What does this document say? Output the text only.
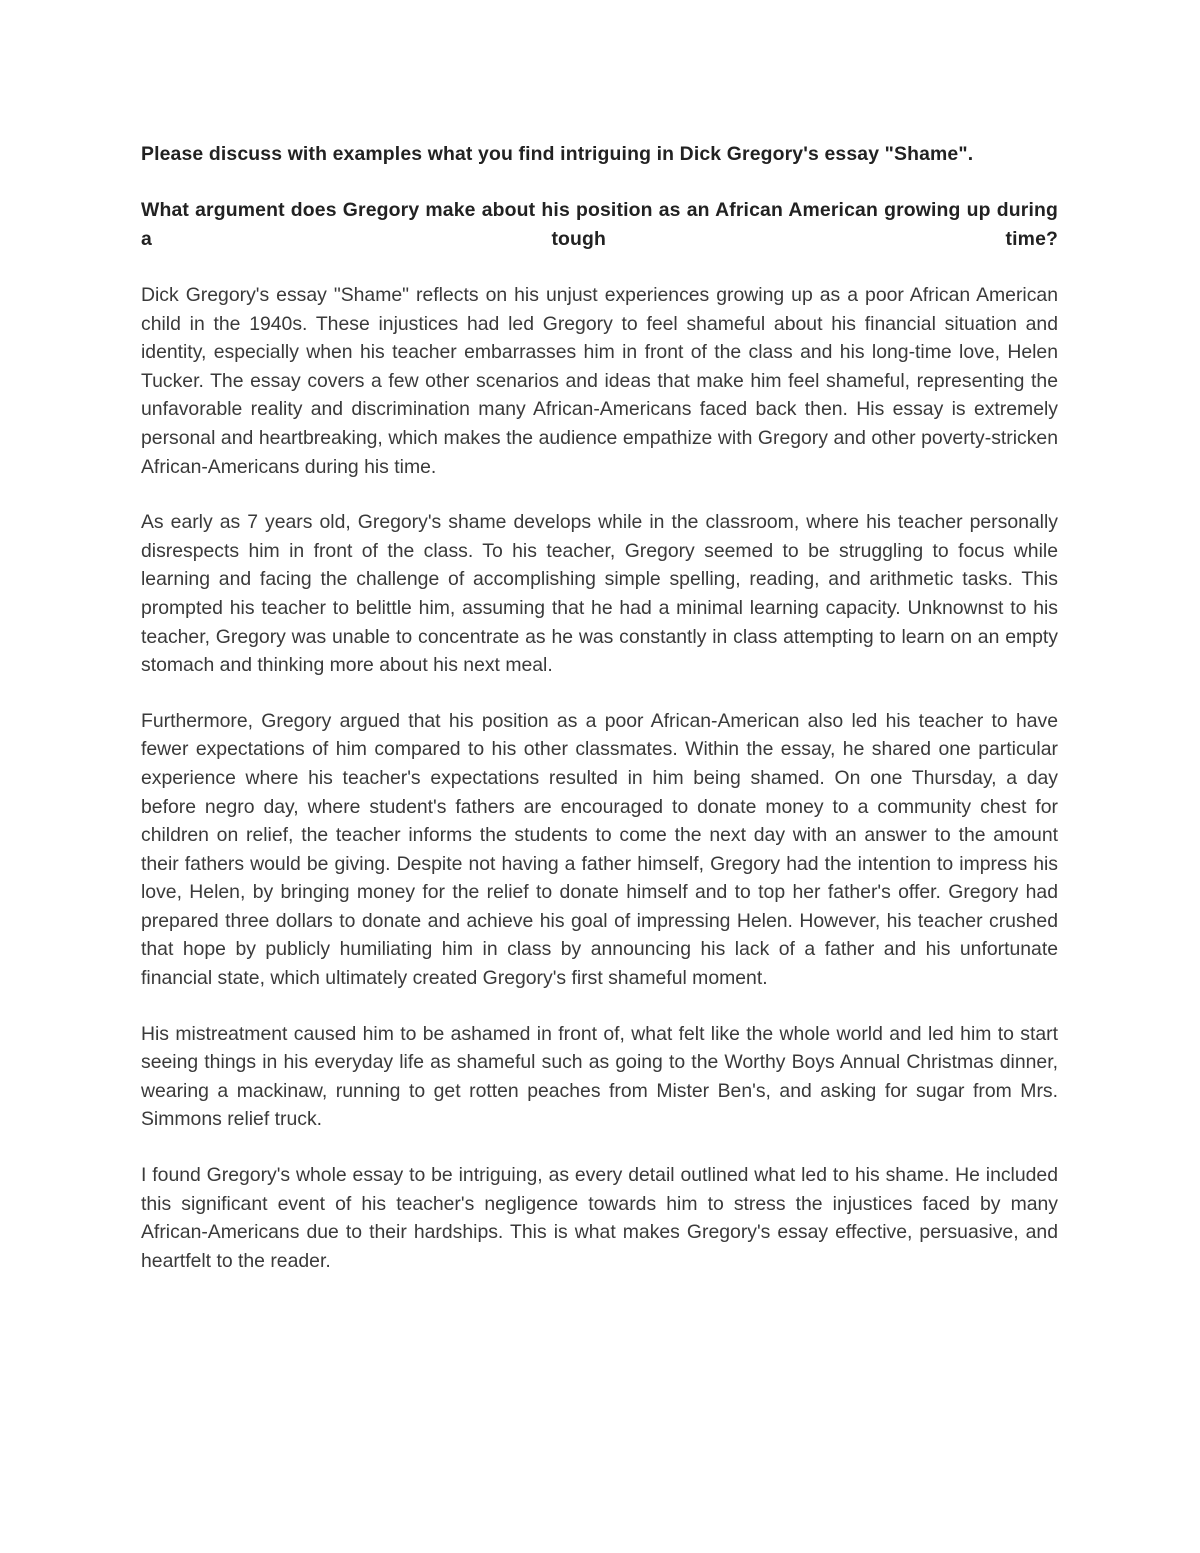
Please discuss with examples what you find intriguing in Dick Gregory's essay "Shame".

What argument does Gregory make about his position as an African American growing up during a tough time?

Dick Gregory's essay "Shame" reflects on his unjust experiences growing up as a poor African American child in the 1940s. These injustices had led Gregory to feel shameful about his financial situation and identity, especially when his teacher embarrasses him in front of the class and his long-time love, Helen Tucker. The essay covers a few other scenarios and ideas that make him feel shameful, representing the unfavorable reality and discrimination many African-Americans faced back then. His essay is extremely personal and heartbreaking, which makes the audience empathize with Gregory and other poverty-stricken African-Americans during his time.

As early as 7 years old, Gregory's shame develops while in the classroom, where his teacher personally disrespects him in front of the class. To his teacher, Gregory seemed to be struggling to focus while learning and facing the challenge of accomplishing simple spelling, reading, and arithmetic tasks. This prompted his teacher to belittle him, assuming that he had a minimal learning capacity. Unknownst to his teacher, Gregory was unable to concentrate as he was constantly in class attempting to learn on an empty stomach and thinking more about his next meal.

Furthermore, Gregory argued that his position as a poor African-American also led his teacher to have fewer expectations of him compared to his other classmates. Within the essay, he shared one particular experience where his teacher's expectations resulted in him being shamed. On one Thursday, a day before negro day, where student's fathers are encouraged to donate money to a community chest for children on relief, the teacher informs the students to come the next day with an answer to the amount their fathers would be giving. Despite not having a father himself, Gregory had the intention to impress his love, Helen, by bringing money for the relief to donate himself and to top her father's offer. Gregory had prepared three dollars to donate and achieve his goal of impressing Helen. However, his teacher crushed that hope by publicly humiliating him in class by announcing his lack of a father and his unfortunate financial state, which ultimately created Gregory's first shameful moment.

His mistreatment caused him to be ashamed in front of, what felt like the whole world and led him to start seeing things in his everyday life as shameful such as going to the Worthy Boys Annual Christmas dinner, wearing a mackinaw, running to get rotten peaches from Mister Ben's, and asking for sugar from Mrs. Simmons relief truck.

I found Gregory's whole essay to be intriguing, as every detail outlined what led to his shame. He included this significant event of his teacher's negligence towards him to stress the injustices faced by many African-Americans due to their hardships. This is what makes Gregory's essay effective, persuasive, and heartfelt to the reader.
